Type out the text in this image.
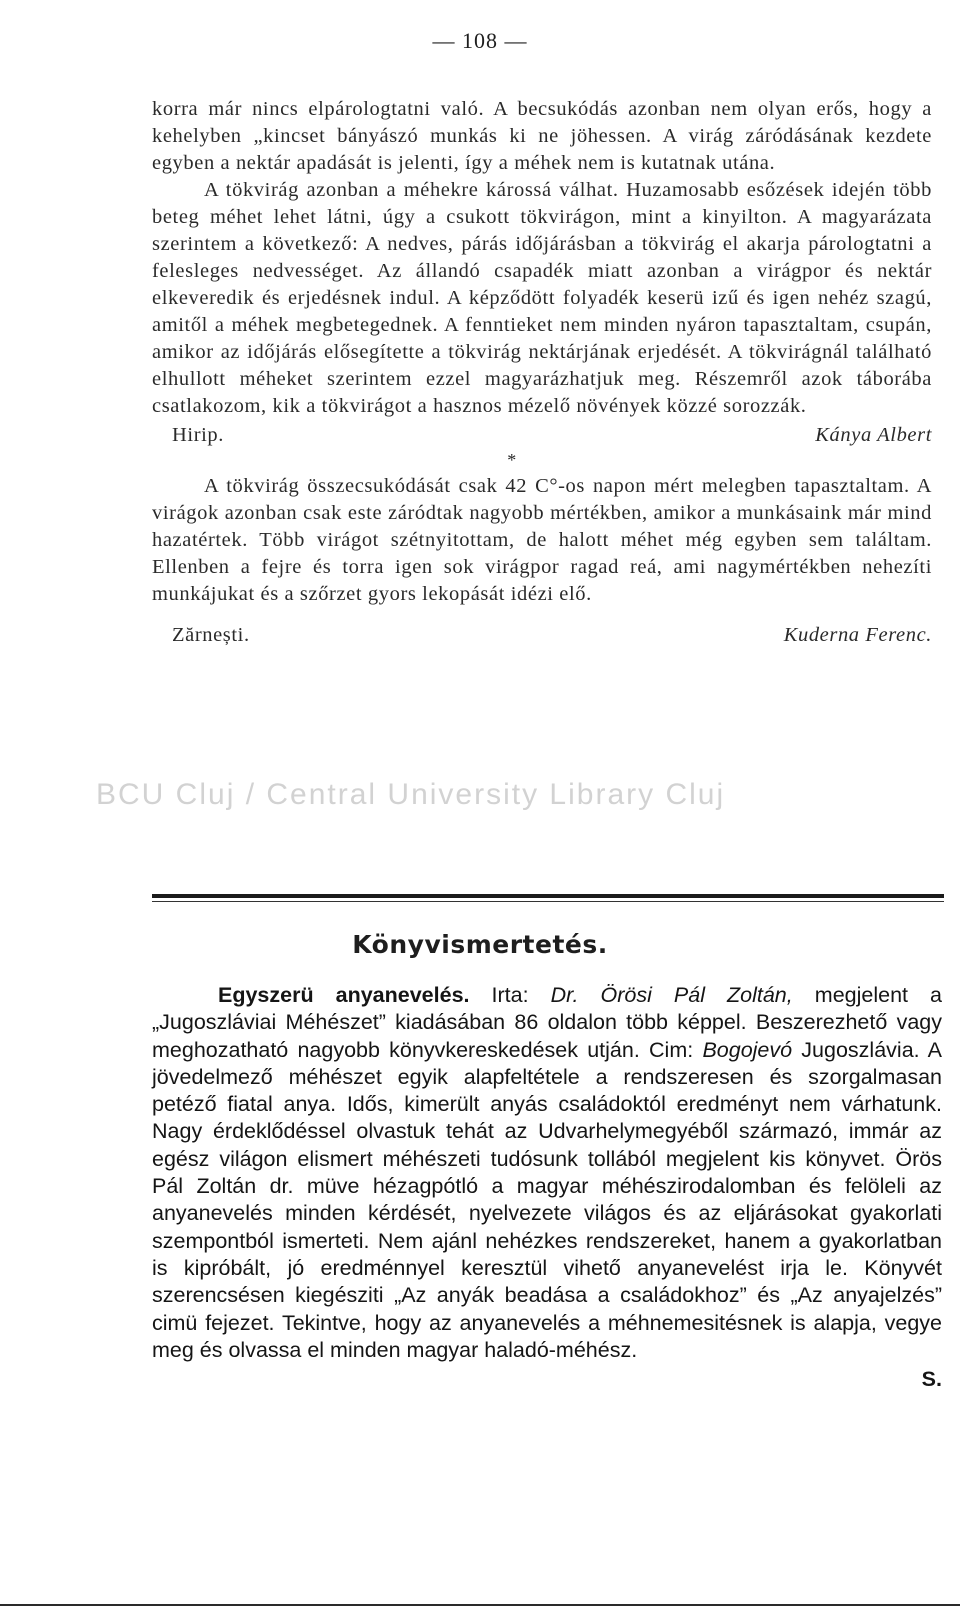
— 108 —
BCU Cluj / Central University Library Cluj

korra már nincs elpárologtatni való. A becsukódás azonban nem olyan erős, hogy a kehelyben „kincset bányászó munkás ki ne jöhessen. A virág záródásának kezdete egyben a nektár apadását is jelenti, így a méhek nem is kutatnak utána.

A tökvirág azonban a méhekre károssá válhat. Huzamosabb esőzések idején több beteg méhet lehet látni, úgy a csukott tökvirágon, mint a kinyilton. A magyarázata szerintem a következő: A nedves, párás időjárásban a tökvirág el akarja párologtatni a felesleges nedvességet. Az állandó csapadék miatt azonban a virágpor és nektár elkeveredik és erjedésnek indul. A képződött folyadék keserü izű és igen nehéz szagú, amitől a méhek megbetegednek. A fenntieket nem minden nyáron tapasztaltam, csupán, amikor az időjárás elősegítette a tökvirág nektárjának erjedését. A tökvirágnál található elhullott méheket szerintem ezzel magyarázhatjuk meg. Részemről azok táborába csatlakozom, kik a tökvirágot a hasznos mézelő növények közzé sorozzák.

Hirip.	Kánya Albert
*

A tökvirág összecsukódását csak 42 C°-os napon mért melegben tapasztaltam. A virágok azonban csak este záródtak nagyobb mértékben, amikor a munkásaink már mind hazatértek. Több virágot szétnyitottam, de halott méhet még egyben sem találtam. Ellenben a fejre és torra igen sok virágpor ragad reá, ami nagymértékben nehezíti munkájukat és a szőrzet gyors lekopását idézi elő.

Zărnești.	Kuderna Ferenc.
Könyvismertetés.

Egyszerü anyanevelés. Irta: Dr. Örösi Pál Zoltán, megjelent a „Jugoszláviai Méhészet” kiadásában 86 oldalon több képpel. Beszerezhető vagy meghozatható nagyobb könyvkereskedések utján. Cim: Bogojevó Jugoszlávia. A jövedelmező méhészet egyik alapfeltétele a rendszeresen és szorgalmasan petéző fiatal anya. Idős, kimerült anyás családoktól eredményt nem várhatunk. Nagy érdeklődéssel olvastuk tehát az Udvarhelymegyéből származó, immár az egész világon elismert méhészeti tudósunk tollából megjelent kis könyvet. Örös Pál Zoltán dr. müve hézagpótló a magyar méhészirodalomban és felöleli az anyanevelés minden kérdését, nyelvezete világos és az eljárásokat gyakorlati szempontból ismerteti. Nem ajánl nehézkes rendszereket, hanem a gyakorlatban is kipróbált, jó eredménnyel keresztül vihető anyanevelést irja le. Könyvét szerencsésen kiegésziti „Az anyák beadása a családokhoz” és „Az anyajelzés” cimü fejezet. Tekintve, hogy az anyanevelés a méhnemesitésnek is alapja, vegye meg és olvassa el minden magyar haladó-méhész.

S.
